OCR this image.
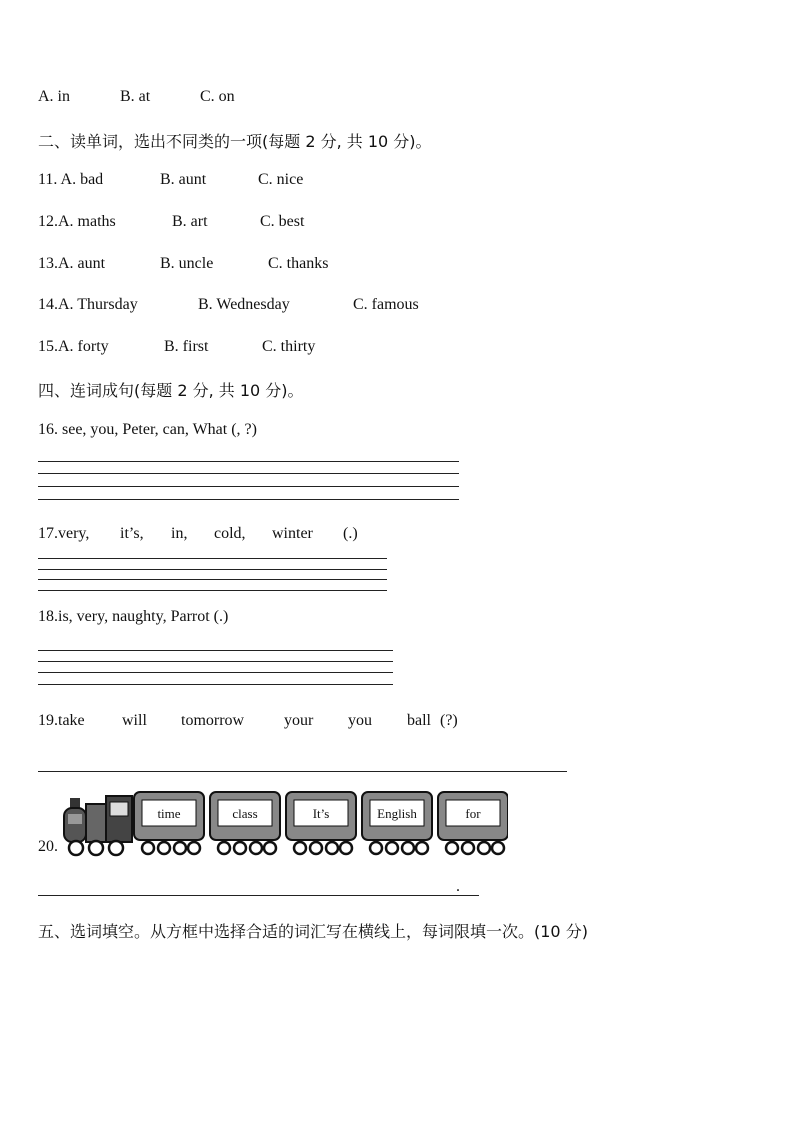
A. in	B. at	C. on
二、读单词，选出不同类的一项(每题 2 分, 共 10 分)。
11. A. bad	B. aunt	C. nice
12.A. maths	B. art	C. best
13.A. aunt	B. uncle	C. thanks
14.A. Thursday	B. Wednesday	C. famous
15.A. forty	B. first	C. thirty
四、连词成句(每题 2 分, 共 10 分)。
16. see, you, Peter, can, What (, ?)
17.very, it’s, in, cold, winter (.)
18.is, very, naughty, Parrot (.)
19.take will tomorrow your you ball (?)
20.
time	class	It’s	English	for
.
五、选词填空。从方框中选择合适的词汇写在横线上，每词限填一次。(10 分)
